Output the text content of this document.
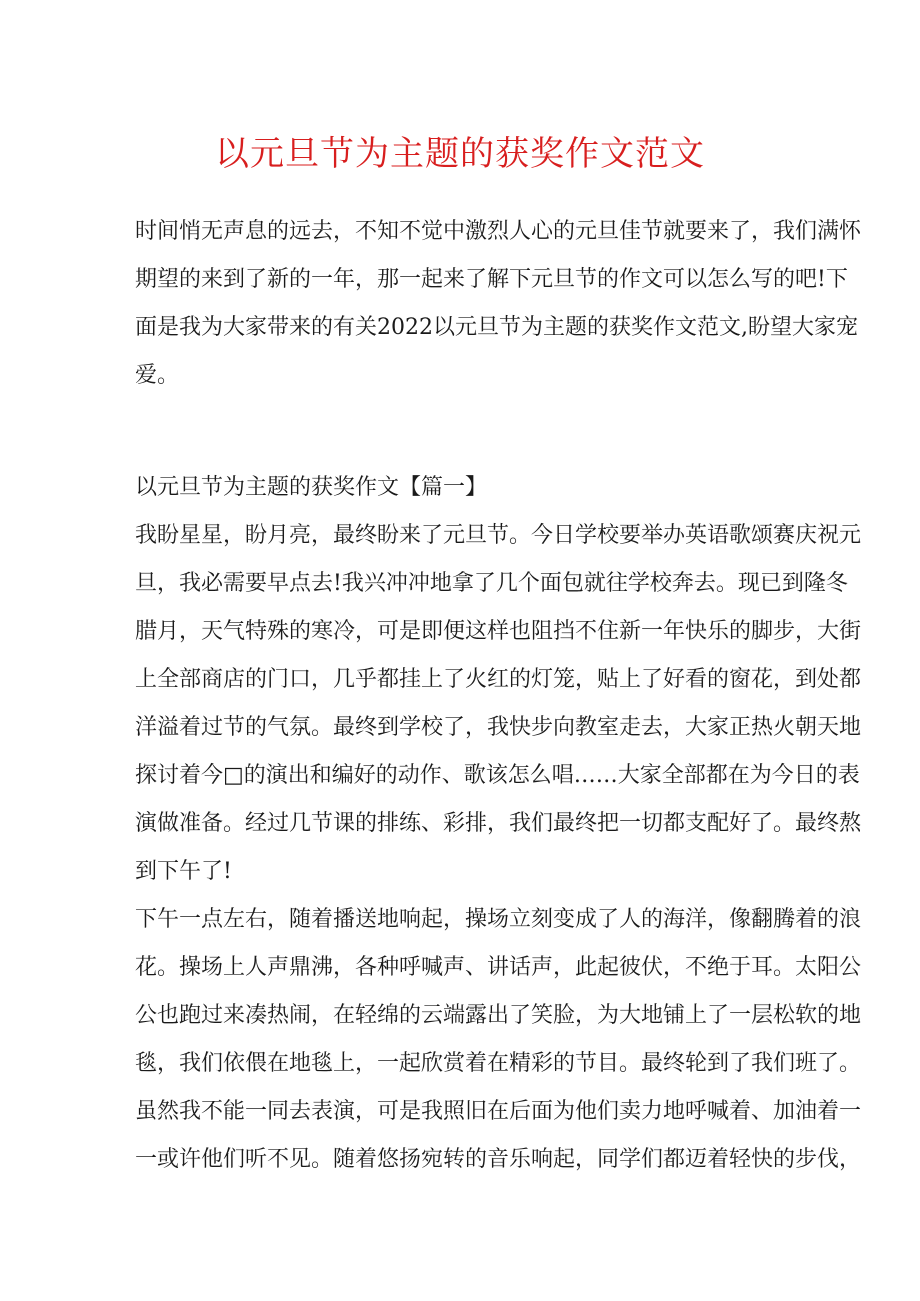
以元旦节为主题的获奖作文范文

时间悄无声息的远去，不知不觉中激烈人心的元旦佳节就要来了，我们满怀
期望的来到了新的一年，那一起来了解下元旦节的作文可以怎么写的吧!下
面是我为大家带来的有关2022以元旦节为主题的获奖作文范文,盼望大家宠
爱。

以元旦节为主题的获奖作文【篇一】

我盼星星，盼月亮，最终盼来了元旦节。今日学校要举办英语歌颂赛庆祝元
旦，我必需要早点去!我兴冲冲地拿了几个面包就往学校奔去。现已到隆冬
腊月，天气特殊的寒冷，可是即便这样也阻挡不住新一年快乐的脚步，大街
上全部商店的门口，几乎都挂上了火红的灯笼，贴上了好看的窗花，到处都
洋溢着过节的气氛。最终到学校了，我快步向教室走去，大家正热火朝天地
探讨着今□的演出和编好的动作、歌该怎么唱……大家全部都在为今日的表
演做准备。经过几节课的排练、彩排，我们最终把一切都支配好了。最终熬
到下午了!

下午一点左右，随着播送地响起，操场立刻变成了人的海洋，像翻腾着的浪
花。操场上人声鼎沸，各种呼喊声、讲话声，此起彼伏，不绝于耳。太阳公
公也跑过来凑热闹，在轻绵的云端露出了笑脸，为大地铺上了一层松软的地
毯，我们依偎在地毯上，一起欣赏着在精彩的节目。最终轮到了我们班了。
虽然我不能一同去表演，可是我照旧在后面为他们卖力地呼喊着、加油着一
一或许他们听不见。随着悠扬宛转的音乐响起，同学们都迈着轻快的步伐，
